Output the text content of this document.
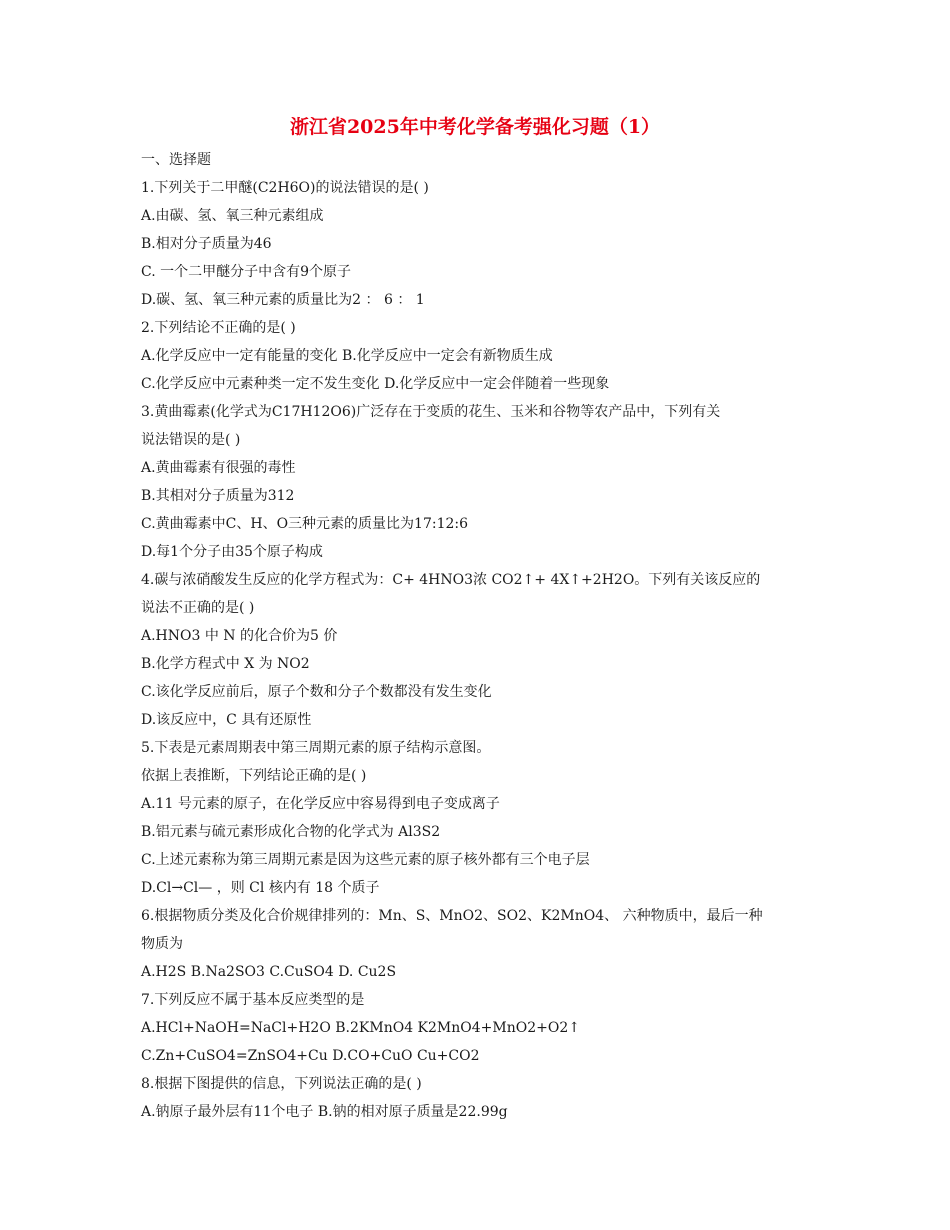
浙江省2025年中考化学备考强化习题（1）
一、选择题
1.下列关于二甲醚(C2H6O)的说法错误的是( )
A.由碳、氢、氧三种元素组成
B.相对分子质量为46
C. 一个二甲醚分子中含有9个原子
D.碳、氢、氧三种元素的质量比为2 ： 6 ： 1
2.下列结论不正确的是( )
A.化学反应中一定有能量的变化 B.化学反应中一定会有新物质生成
C.化学反应中元素种类一定不发生变化 D.化学反应中一定会伴随着一些现象
3.黄曲霉素(化学式为C17H12O6)广泛存在于变质的花生、玉米和谷物等农产品中，下列有关
说法错误的是( )
A.黄曲霉素有很强的毒性
B.其相对分子质量为312
C.黄曲霉素中C、H、O三种元素的质量比为17:12:6
D.每1个分子由35个原子构成
4.碳与浓硝酸发生反应的化学方程式为：C+ 4HNO3浓 CO2↑+ 4X↑+2H2O。下列有关该反应的
说法不正确的是( )
A.HNO3 中 N 的化合价为5 价
B.化学方程式中 X 为 NO2
C.该化学反应前后，原子个数和分子个数都没有发生变化
D.该反应中，C 具有还原性
5.下表是元素周期表中第三周期元素的原子结构示意图。
依据上表推断，下列结论正确的是( )
A.11 号元素的原子，在化学反应中容易得到电子变成离子
B.铝元素与硫元素形成化合物的化学式为 Al3S2
C.上述元素称为第三周期元素是因为这些元素的原子核外都有三个电子层
D.Cl→Cl— ，则 Cl 核内有 18 个质子
6.根据物质分类及化合价规律排列的：Mn、S、MnO2、SO2、K2MnO4、 六种物质中，最后一种
物质为
A.H2S B.Na2SO3 C.CuSO4 D. Cu2S
7.下列反应不属于基本反应类型的是
A.HCl+NaOH=NaCl+H2O B.2KMnO4 K2MnO4+MnO2+O2↑
C.Zn+CuSO4=ZnSO4+Cu D.CO+CuO Cu+CO2
8.根据下图提供的信息，下列说法正确的是( )
A.钠原子最外层有11个电子 B.钠的相对原子质量是22.99g
